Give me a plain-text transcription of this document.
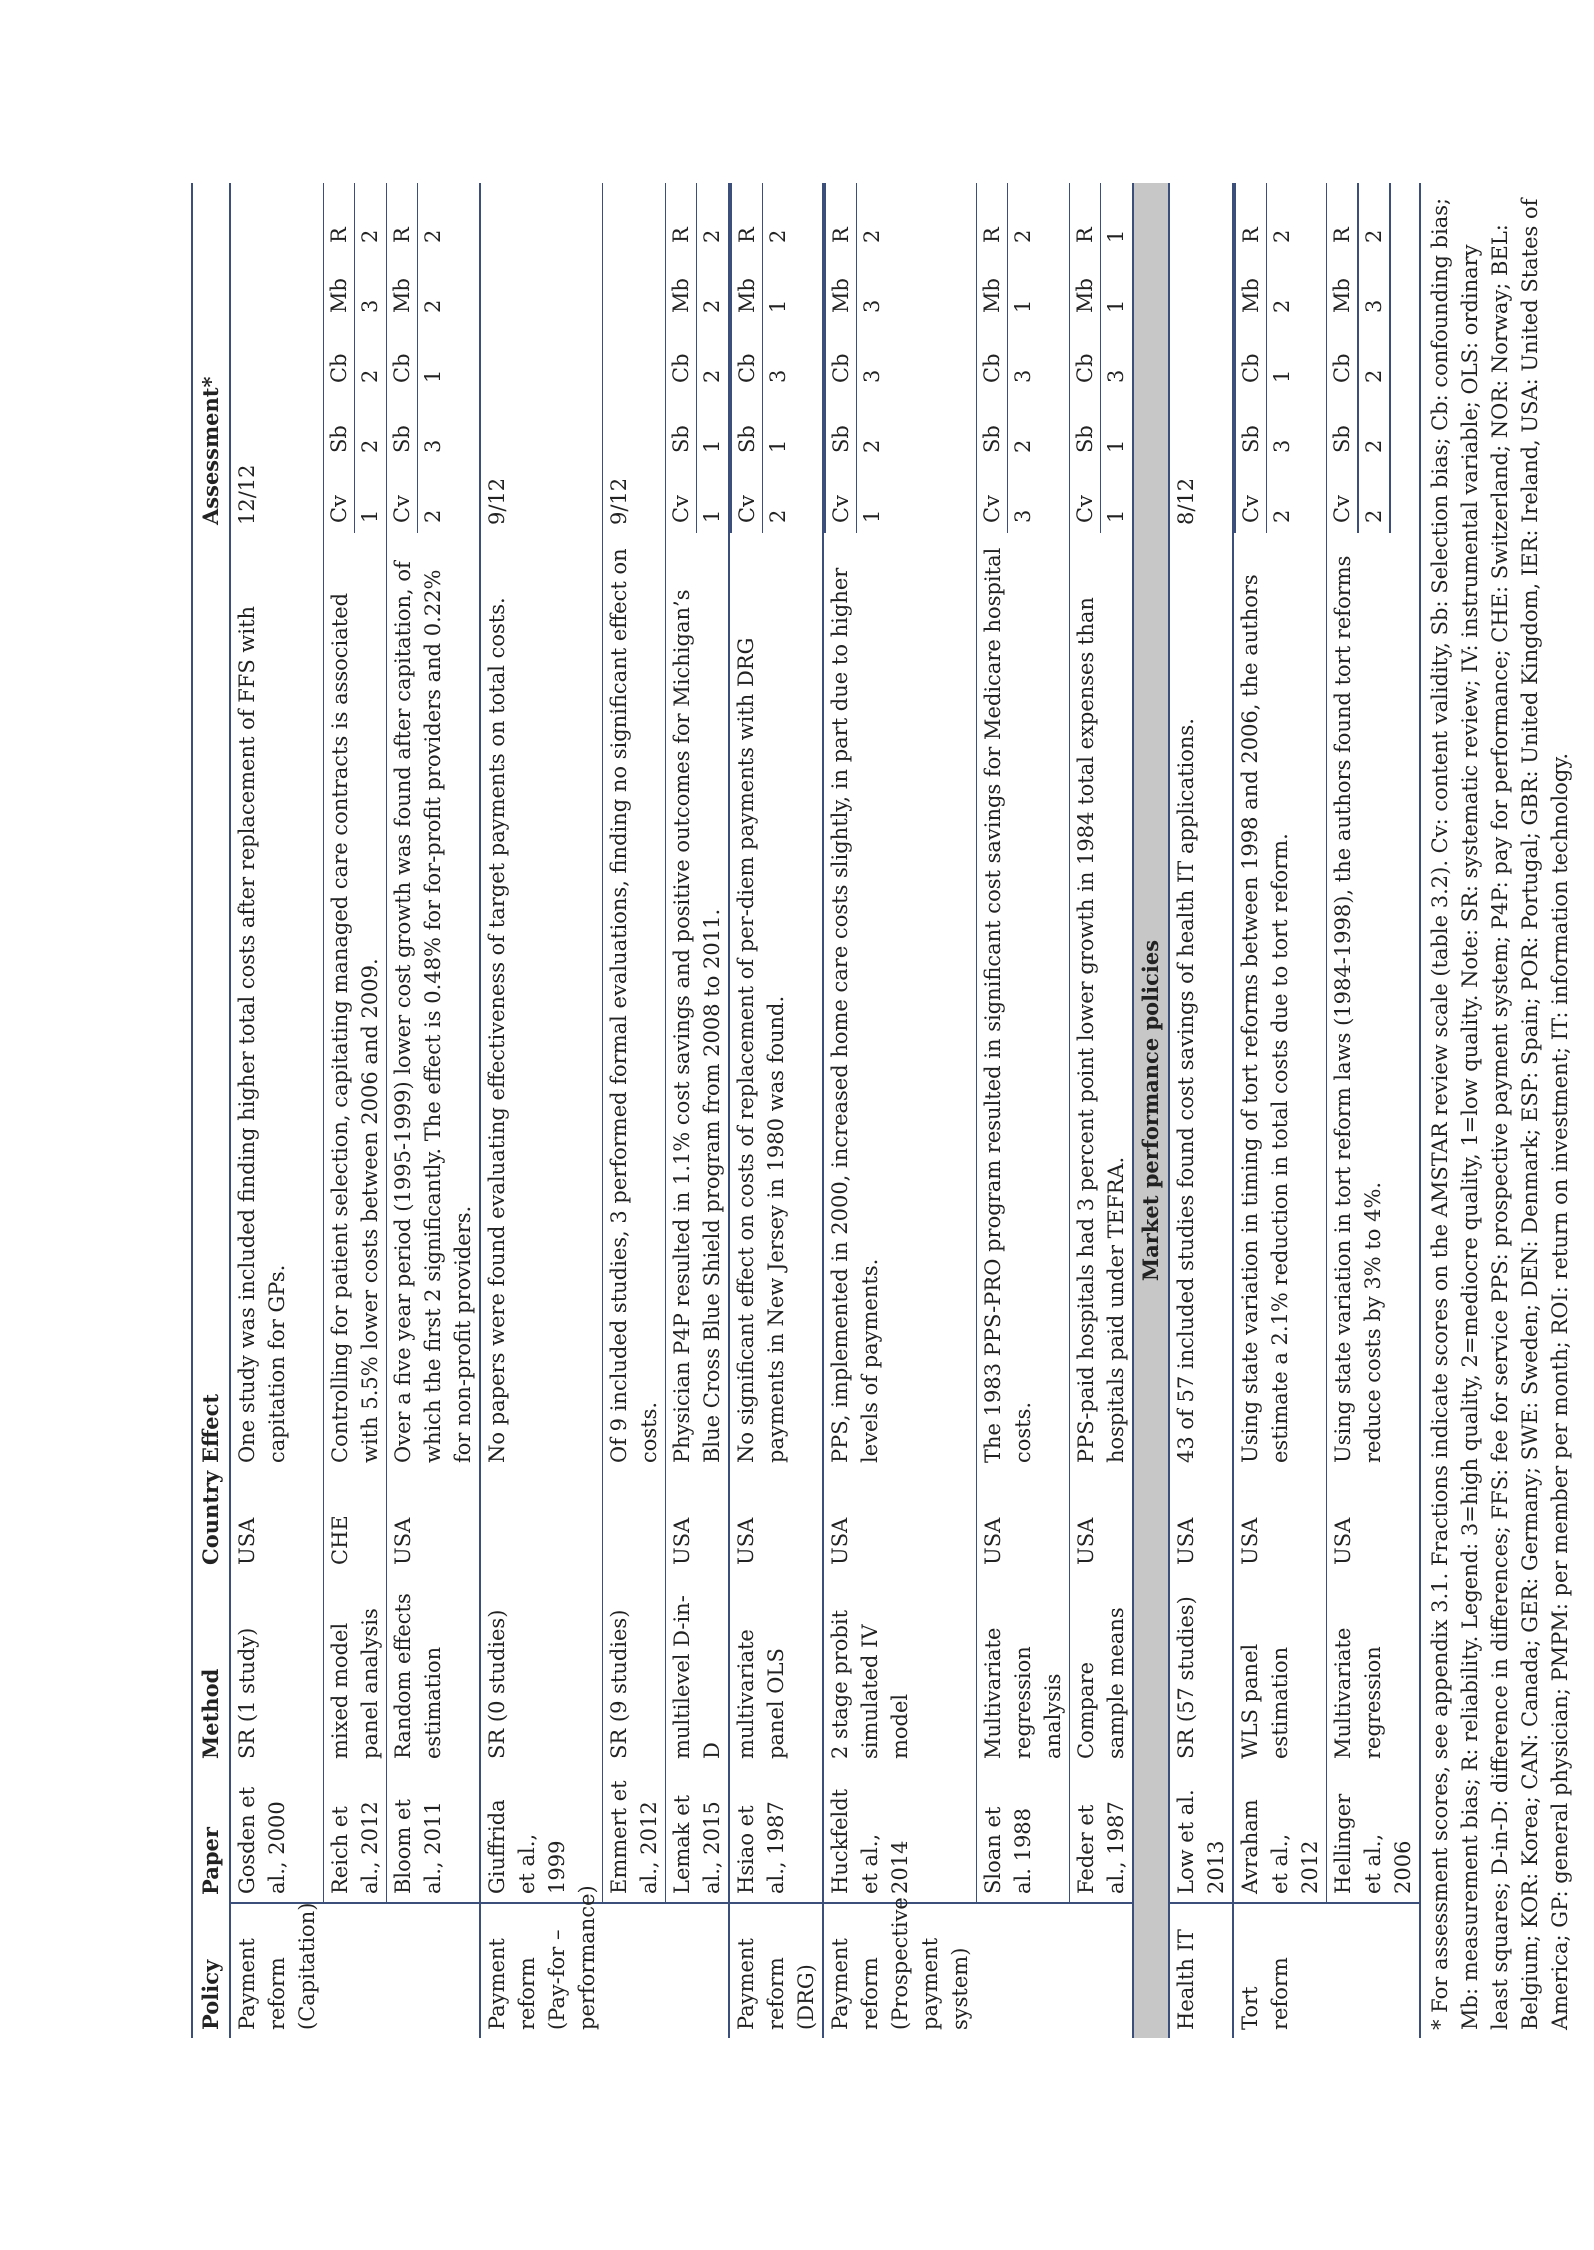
Policy	Paper	Method	Country	Effect	Assessment*
Payment reform (Capitation)	Gosden et al., 2000	SR (1 study)	USA	One study was included finding higher total costs after replacement of FFS with capitation for GPs.	
12/12

	Reich et al., 2012	mixed model panel analysis	CHE	Controlling for patient selection, capitating managed care contracts is associated with 5.5% lower costs between 2006 and 2009.	
Cv	Sb	Cb	Mb	R
1	2	2	3	2

	Bloom et al., 2011	Random effects estimation	USA	Over a five year period (1995-1999) lower cost growth was found after capitation, of which the first 2 significantly. The effect is 0.48% for for-profit providers and 0.22% for non-profit providers.	
Cv	Sb	Cb	Mb	R
2	3	1	2	2

Payment reform (Pay-for – performance)	Giuffrida et al., 1999	SR (0 studies)		No papers were found evaluating effectiveness of target payments on total costs.	
9/12

	Emmert et al., 2012	SR (9 studies)		Of 9 included studies, 3 performed formal evaluations, finding no significant effect on costs.	
9/12

	Lemak et al., 2015	multilevel D-in-D	USA	Physician P4P resulted in 1.1% cost savings and positive outcomes for Michigan’s Blue Cross Blue Shield program from 2008 to 2011.	
Cv	Sb	Cb	Mb	R
1	1	2	2	2

Payment reform (DRG)	Hsiao et al., 1987	multivariate panel OLS	USA	No significant effect on costs of replacement of per-diem payments with DRG payments in New Jersey in 1980 was found.	
Cv	Sb	Cb	Mb	R
2	1	3	1	2

Payment reform (Prospective payment system)	Huckfeldt et al., 2014	2 stage probit simulated IV model	USA	PPS, implemented in 2000, increased home care costs slightly, in part due to higher levels of payments.	
Cv	Sb	Cb	Mb	R
1	2	3	3	2

	Sloan et al. 1988	Multivariate regression analysis	USA	The 1983 PPS-PRO program resulted in significant cost savings for Medicare hospital costs.	
Cv	Sb	Cb	Mb	R
3	2	3	1	2

	Feder et al., 1987	Compare sample means	USA	PPS-paid hospitals had 3 percent point lower growth in 1984 total expenses than hospitals paid under TEFRA.	
Cv	Sb	Cb	Mb	R
1	1	3	1	1

Market performance policies
Health IT	Low et al. 2013	SR (57 studies)	USA	43 of 57 included studies found cost savings of health IT applications.	
8/12

Tort reform	Avraham et al., 2012	WLS panel estimation	USA	Using state variation in timing of tort reforms between 1998 and 2006, the authors estimate a 2.1% reduction in total costs due to tort reform.	
Cv	Sb	Cb	Mb	R
2	3	1	2	2

	Hellinger et al., 2006	Multivariate regression	USA	Using state variation in tort reform laws (1984-1998), the authors found tort reforms reduce costs by 3% to 4%.	
Cv	Sb	Cb	Mb	R
2	2	2	3	2 * For assessment scores, see appendix 3.1. Fractions indicate scores on the AMSTAR review scale (table 3.2). Cv: content validity, Sb: Selection bias; Cb: confounding bias; Mb: measurement bias; R: reliability. Legend: 3=high quality, 2=mediocre quality, 1=low quality. Note: SR: systematic review; IV: instrumental variable; OLS: ordinary least squares; D-in-D: difference in differences; FFS: fee for service PPS: prospective payment system; P4P: pay for performance; CHE: Switzerland; NOR: Norway; BEL: Belgium; KOR: Korea; CAN: Canada; GER: Germany; SWE: Sweden; DEN: Denmark; ESP: Spain; POR: Portugal; GBR: United Kingdom, IER: Ireland, USA: United States of America; GP: general physician; PMPM: per member per month; ROI: return on investment; IT: information technology.
